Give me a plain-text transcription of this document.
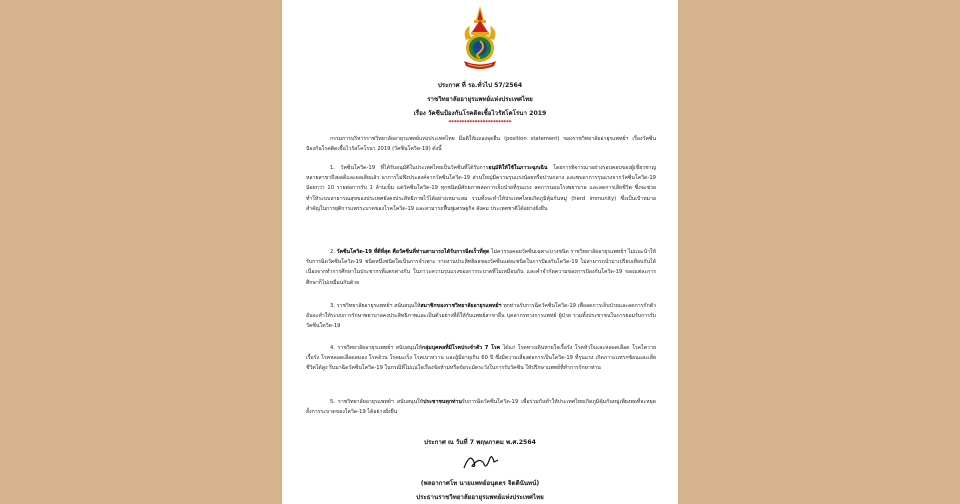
ประกาศ ที่ รอ.ทั่วไป 57/2564
ราชวิทยาลัยอายุรแพทย์แห่งประเทศไทย
เรื่อง วัคซีนป้องกันโรคติดเชื้อไวรัสโคโรนา 2019
************************
กรรมการบริหารราชวิทยาลัยอายุรแพทย์แห่งประเทศไทย มีมติให้แถลงจุดยืน (position statement) ของราชวิทยาลัยอายุรแพทย์ฯ เรื่องวัคซีนป้องกันโรคติดเชื้อไวรัสโคโรนา 2019 (วัคซีนโควิด-19) ดังนี้
1. วัคซีนโควิด-19 ที่ได้รับอนุมัติในประเทศไทยเป็นวัคซีนที่ได้รับการอนุมัติให้ใช้ในภาวะฉุกเฉิน โดยการพิจารณาอย่างรอบคอบของผู้เชี่ยวชาญหลายสาขาถึงผลดีและผลเสียแล้ว อาการไม่พึงประสงค์จากวัคซีนโควิด-19 ส่วนใหญ่มีความรุนแรงน้อยหรือปานกลาง และพบอาการรุนแรงจากวัคซีนโควิด-19 น้อยกว่า 10 รายต่อการรับ 1 ล้านเข็ม แต่วัคซีนโควิด-19 ทุกชนิดมีศักยภาพลดการเจ็บป่วยที่รุนแรง ลดการนอนโรงพยาบาล และลดการเสียชีวิต ซึ่งจะช่วยทำให้ระบบสาธารณสุขของประเทศยังคงประสิทธิภาพไว้ได้อย่างเหมาะสม รวมทั้งจะทำให้ประเทศไทยเกิดภูมิคุ้มกันหมู่ (herd immunity) ซึ่งเป็นเป้าหมายสำคัญในการยุติการแพร่ระบาดของโรคโควิด-19 และสามารถฟื้นฟูเศรษฐกิจ สังคม ประเทศชาติได้อย่างยั่งยืน
2. วัคซีนโควิด-19 ที่ดีที่สุด คือวัคซีนที่ท่านสามารถได้รับการฉีดเร็วที่สุด ไม่ควรรอคอยวัคซีนเฉพาะบางชนิด ราชวิทยาลัยอายุรแพทย์ฯ ไม่แนะนำให้รับการฉีดวัคซีนโควิด-19 ชนิดหนึ่งชนิดใดเป็นการจำเพาะ รายงานประสิทธิผลของวัคซีนแต่ละชนิดในการป้องกันโควิด-19 ไม่สามารถนำมาเปรียบเทียบกันได้ เนื่องจากทำการศึกษาในประชากรที่แตกต่างกัน ในภาวะความรุนแรงของการระบาดที่ไม่เหมือนกัน และคำจำกัดความของการป้องกันโควิด-19 ของแต่ละการศึกษาก็ไม่เหมือนกันด้วย
3. ราชวิทยาลัยอายุรแพทย์ฯ สนับสนุนให้สมาชิกของราชวิทยาลัยอายุรแพทย์ฯ ทุกท่านรับการฉีดวัคซีนโควิด-19 เพื่อลดการเจ็บป่วยและลดการกักตัว อันจะทำให้ระบบการรักษาพยาบาลคงประสิทธิภาพและเป็นตัวอย่างที่ดีให้กับแพทย์สาขาอื่น บุคลากรทางการแพทย์ ผู้ป่วย รวมทั้งประชาชนในการยอมรับการรับวัคซีนโควิด-19
4. ราชวิทยาลัยอายุรแพทย์ฯ สนับสนุนให้กลุ่มบุคคลที่มีโรคประจำตัว 7 โรค ได้แก่ โรคทางเดินหายใจเรื้อรัง โรคหัวใจและหลอดเลือด โรคไตวายเรื้อรัง โรคหลอดเลือดสมอง โรคอ้วน โรคมะเร็ง โรคเบาหวาน และผู้มีอายุเกิน 60 ปี ซึ่งมีความเสี่ยงต่อการเป็นโควิด-19 ที่รุนแรง เกิดภาวะแทรกซ้อนและเสียชีวิตได้สูง รีบมาฉีดวัคซีนโควิด-19 ในกรณีที่ไม่แน่ใจเรื่องข้อห้ามหรือข้อระมัดระวังในการรับวัคซีน ให้ปรึกษาแพทย์ที่ทำการรักษาท่าน
5. ราชวิทยาลัยอายุรแพทย์ฯ สนับสนุนให้ประชาชนทุกท่านรับการฉีดวัคซีนโควิด-19 เพื่อร่วมกันทำให้ประเทศไทยเกิดภูมิคุ้มกันหมู่เพียงพอที่จะหยุดยั้งการระบาดของโควิด-19 ได้อย่างยั่งยืน
ประกาศ ณ วันที่ 7 พฤษภาคม พ.ศ.2564
(พลอากาศโท นายแพทย์อนุตตร จิตตินันทน์)
ประธานราชวิทยาลัยอายุรแพทย์แห่งประเทศไทย
